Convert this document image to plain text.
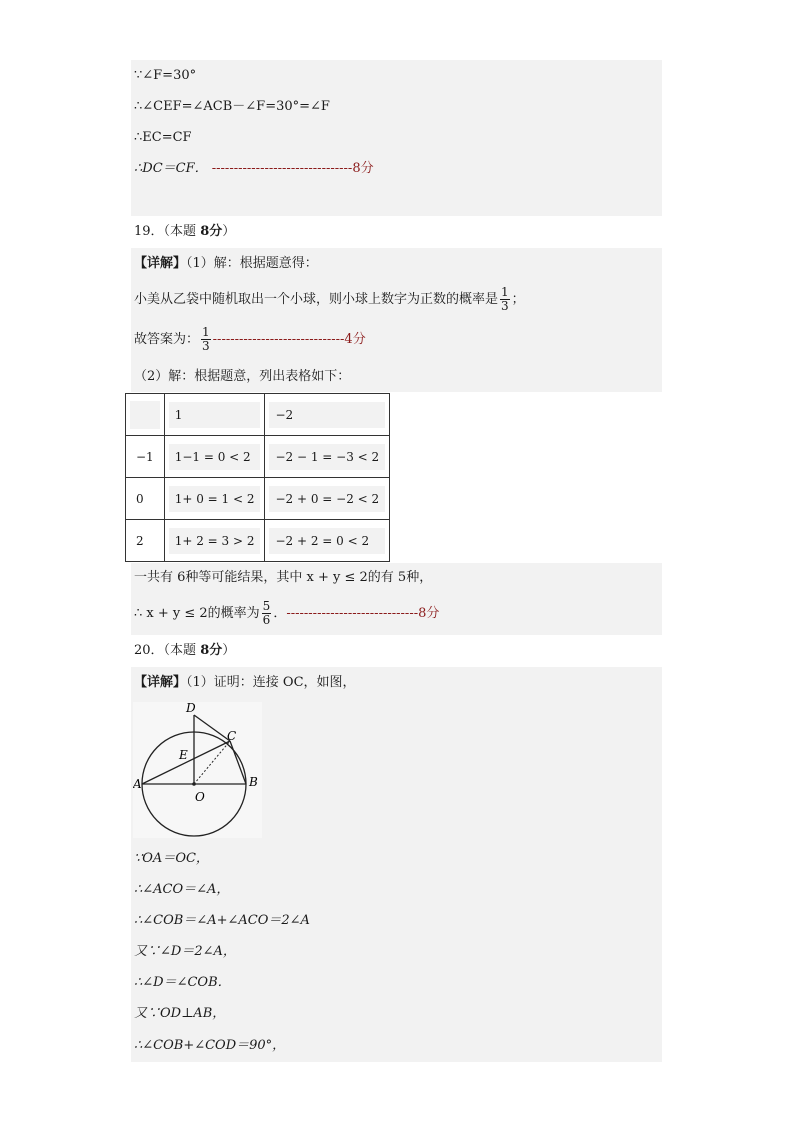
∵∠F=30°
∴∠CEF=∠ACB－∠F=30°=∠F
∴EC=CF
∴DC＝CF． --------------------------------8分
19．（本题 8分）
【详解】（1）解：根据题意得：
小美从乙袋中随机取出一个小球，则小球上数字为正数的概率是 $\frac{1}{3}$ ；
故答案为： $\frac{1}{3} ------------------------------4$分
（2）解：根据题意，列出表格如下：

	1	−2

−1	1−1 = 0 < 2	−2 − 1 = −3 < 2

0	1+ 0 = 1 < 2	−2 + 0 = −2 < 2

2	1+ 2 = 3 > 2	−2 + 2 = 0 < 2
一共有 6种等可能结果，其中 x + y ≤ 2的有 5种，
∴ x + y ≤ 2的概率为 $\frac{5}{6}$ ．------------------------------8分
20．（本题 8分）
【详解】（1）证明：连接 OC，如图，
D
C
E
A	B
O
∵OA＝OC，
∴∠ACO＝∠A，
∴∠COB＝∠A+∠ACO＝2∠A
又∵∠D＝2∠A，
∴∠D＝∠COB．
又∵OD⊥AB，
∴∠COB+∠COD＝90°，
